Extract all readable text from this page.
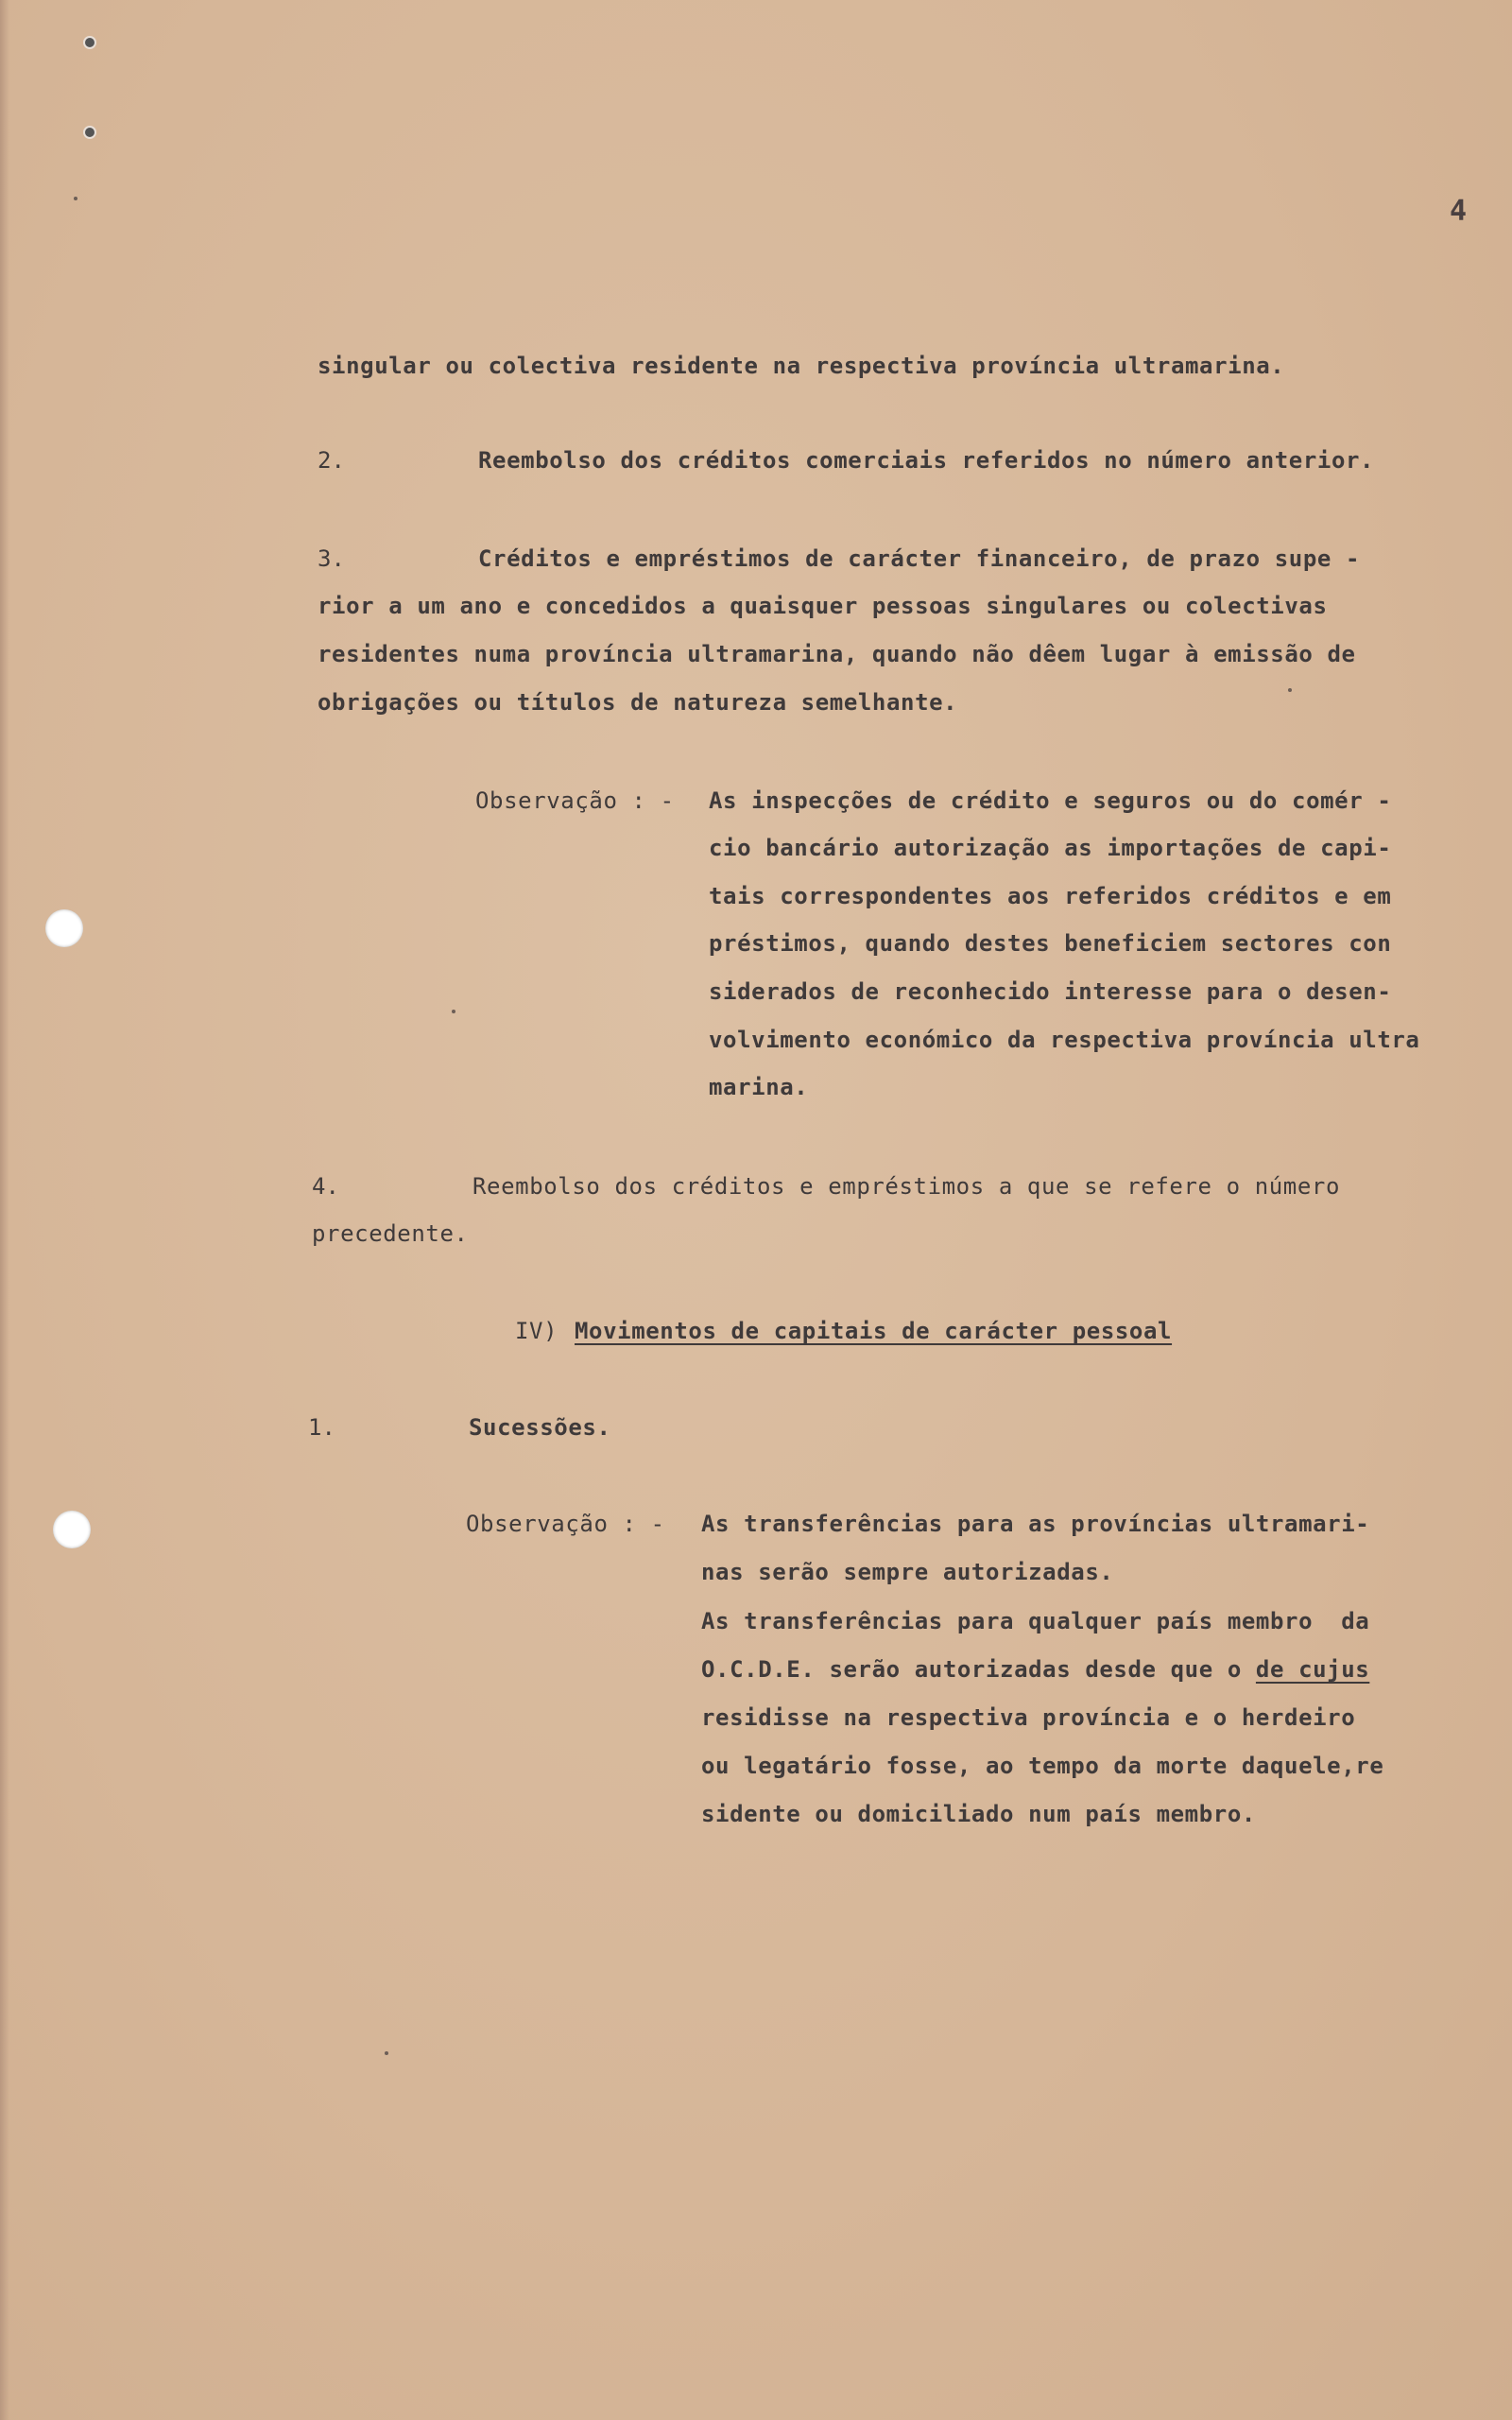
4
singular ou colectiva residente na respectiva província ultramarina.
2.	Reembolso dos créditos comerciais referidos no número anterior.
3.	Créditos e empréstimos de carácter financeiro, de prazo supe -
rior a um ano e concedidos a quaisquer pessoas singulares ou colectivas
residentes numa província ultramarina, quando não dêem lugar à emissão de
obrigações ou títulos de natureza semelhante.
Observação : - As inspecções de crédito e seguros ou do comér -
cio bancário autorização as importações de capi-
tais correspondentes aos referidos créditos e em
préstimos, quando destes beneficiem sectores con
siderados de reconhecido interesse para o desen-
volvimento económico da respectiva província ultra
marina.
4.	Reembolso dos créditos e empréstimos a que se refere o número
precedente.
IV) Movimentos de capitais de carácter pessoal
1.	Sucessões.
Observação : - As transferências para as províncias ultramari-
nas serão sempre autorizadas.
As transferências para qualquer país membro  da
O.C.D.E. serão autorizadas desde que o de cujus
residisse na respectiva província e o herdeiro
ou legatário fosse, ao tempo da morte daquele,re
sidente ou domiciliado num país membro.
